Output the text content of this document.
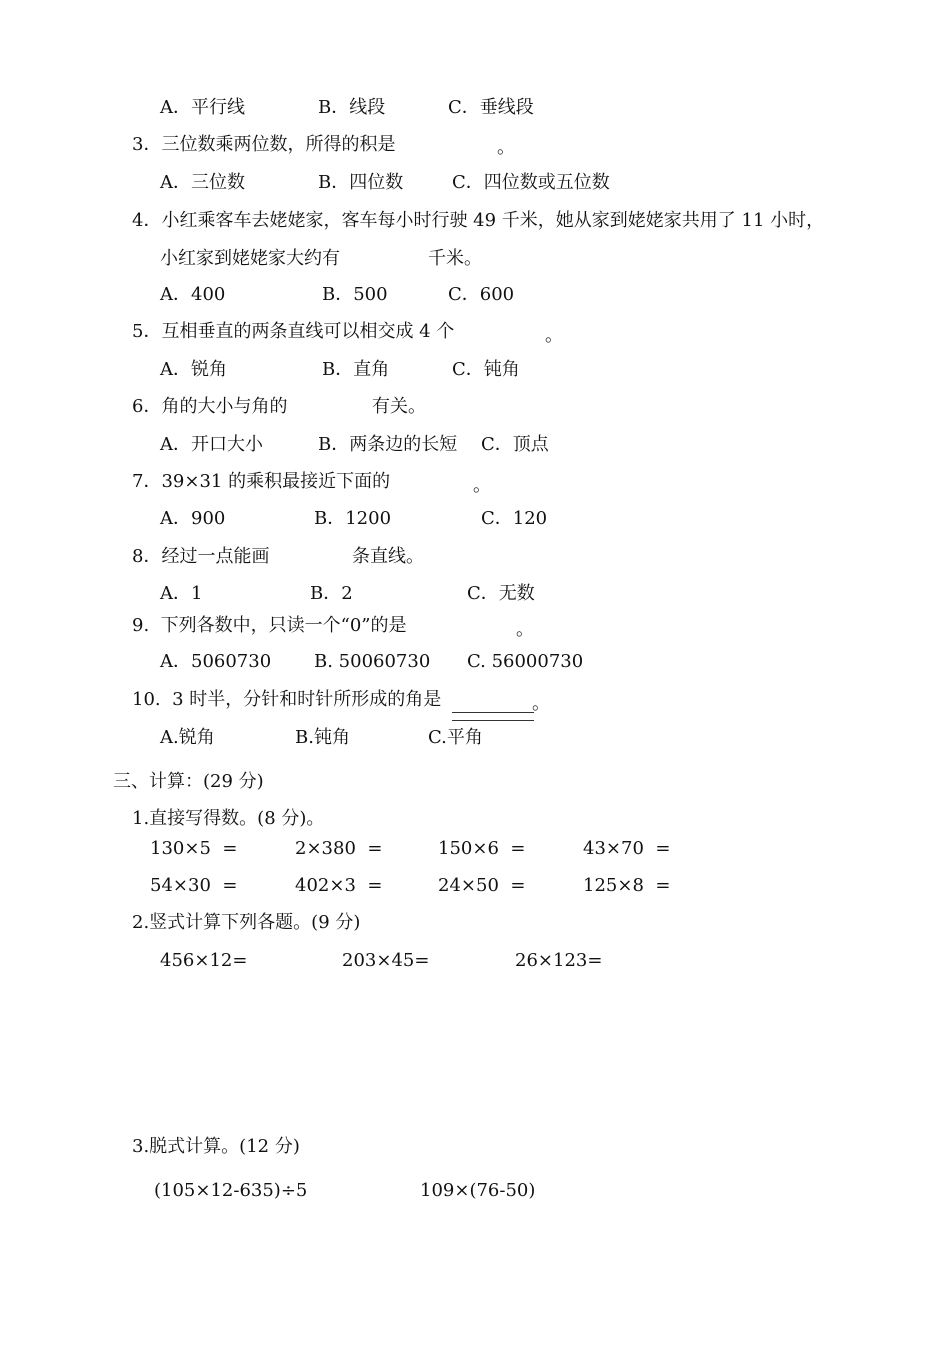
A．平行线	B．线段	C．垂线段
3．三位数乘两位数，所得的积是	。
A．三位数	B．四位数	C．四位数或五位数
4．小红乘客车去姥姥家，客车每小时行驶 49 千米，她从家到姥姥家共用了 11 小时，
小红家到姥姥家大约有	千米。
A．400	B．500	C．600
5．互相垂直的两条直线可以相交成 4 个	。
A．锐角	B．直角	C．钝角
6．角的大小与角的	有关。
A．开口大小	B．两条边的长短 C．顶点
7．39×31 的乘积最接近下面的	。
A．900	B．1200	C．120
8．经过一点能画	条直线。
A．1	B．2	C．无数
9.  下列各数中，只读一个“0”的是	。
A．5060730 B. 50060730 C. 56000730
10.  3 时半，分针和时针所形成的角是	。
A.锐角	B.钝角	C.平角
三、计算：(29 分)
1.直接写得数。(8 分)。
130×5  =	2×380  =	150×6  =	43×70  =
54×30  =	402×3  =	24×50  =	125×8  =
2.竖式计算下列各题。(9 分)
456×12=	203×45=	26×123=
3.脱式计算。(12 分)
(105×12-635)÷5	109×(76-50)
